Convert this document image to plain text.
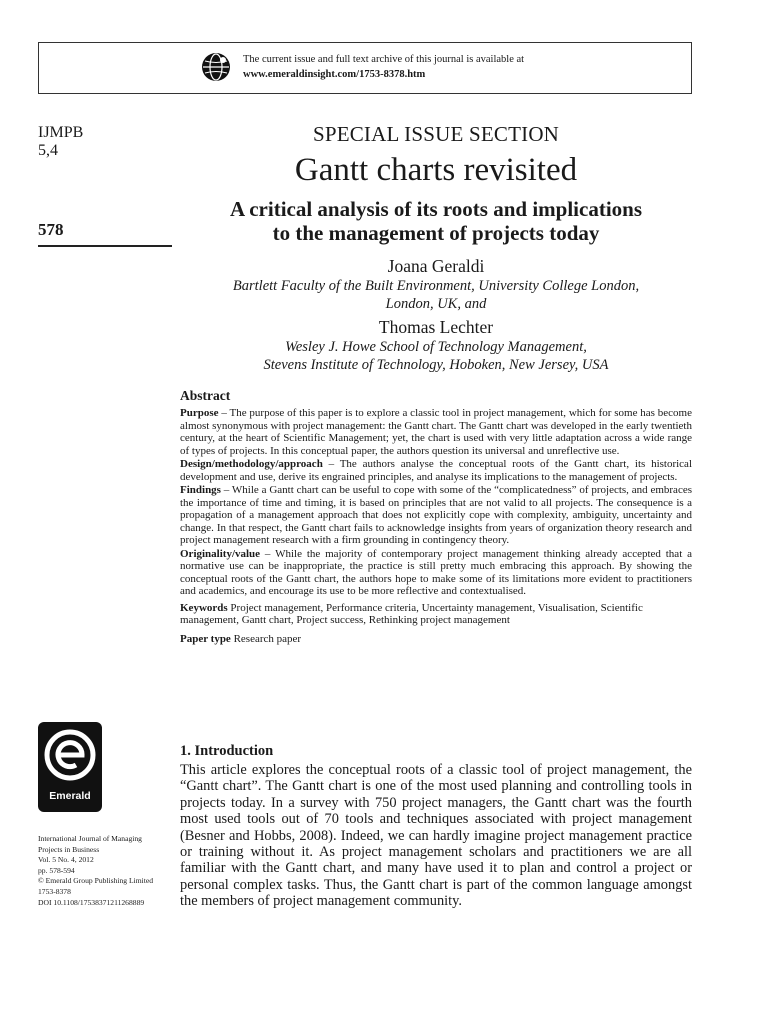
The current issue and full text archive of this journal is available at
www.emeraldinsight.com/1753-8378.htm
IJMPB
5,4
578
Emerald
International Journal of Managing
Projects in Business
Vol. 5 No. 4, 2012
pp. 578-594
© Emerald Group Publishing Limited
1753-8378
DOI 10.1108/17538371211268889
SPECIAL ISSUE SECTION
Gantt charts revisited
A critical analysis of its roots and implications
to the management of projects today
Joana Geraldi
Bartlett Faculty of the Built Environment, University College London,
London, UK, and
Thomas Lechter
Wesley J. Howe School of Technology Management,
Stevens Institute of Technology, Hoboken, New Jersey, USA
Abstract
Purpose – The purpose of this paper is to explore a classic tool in project management, which for some has become almost synonymous with project management: the Gantt chart. The Gantt chart was developed in the early twentieth century, at the heart of Scientific Management; yet, the chart is used with very little adaptation across a wide range of types of projects. In this conceptual paper, the authors question its universal and unreflective use.
Design/methodology/approach – The authors analyse the conceptual roots of the Gantt chart, its historical development and use, derive its engrained principles, and analyse its implications to the management of projects.
Findings – While a Gantt chart can be useful to cope with some of the “complicatedness” of projects, and embraces the importance of time and timing, it is based on principles that are not valid to all projects. The consequence is a propagation of a management approach that does not explicitly cope with complexity, ambiguity, uncertainty and change. In that respect, the Gantt chart fails to acknowledge insights from years of organization theory research and project management research with a firm grounding in contingency theory.
Originality/value – While the majority of contemporary project management thinking already accepted that a normative use can be inappropriate, the practice is still pretty much embracing this approach. By showing the conceptual roots of the Gantt chart, the authors hope to make some of its limitations more evident to practitioners and academics, and encourage its use to be more reflective and contextualised.
Keywords Project management, Performance criteria, Uncertainty management, Visualisation, Scientific management, Gantt chart, Project success, Rethinking project management
Paper type Research paper
1. Introduction
This article explores the conceptual roots of a classic tool of project management, the “Gantt chart”. The Gantt chart is one of the most used planning and controlling tools in projects today. In a survey with 750 project managers, the Gantt chart was the fourth most used tools out of 70 tools and techniques associated with project management (Besner and Hobbs, 2008). Indeed, we can hardly imagine project management practice or training without it. As project management scholars and practitioners we are all familiar with the Gantt chart, and many have used it to plan and control a project or personal complex tasks. Thus, the Gantt chart is part of the common language amongst the members of project management community.
